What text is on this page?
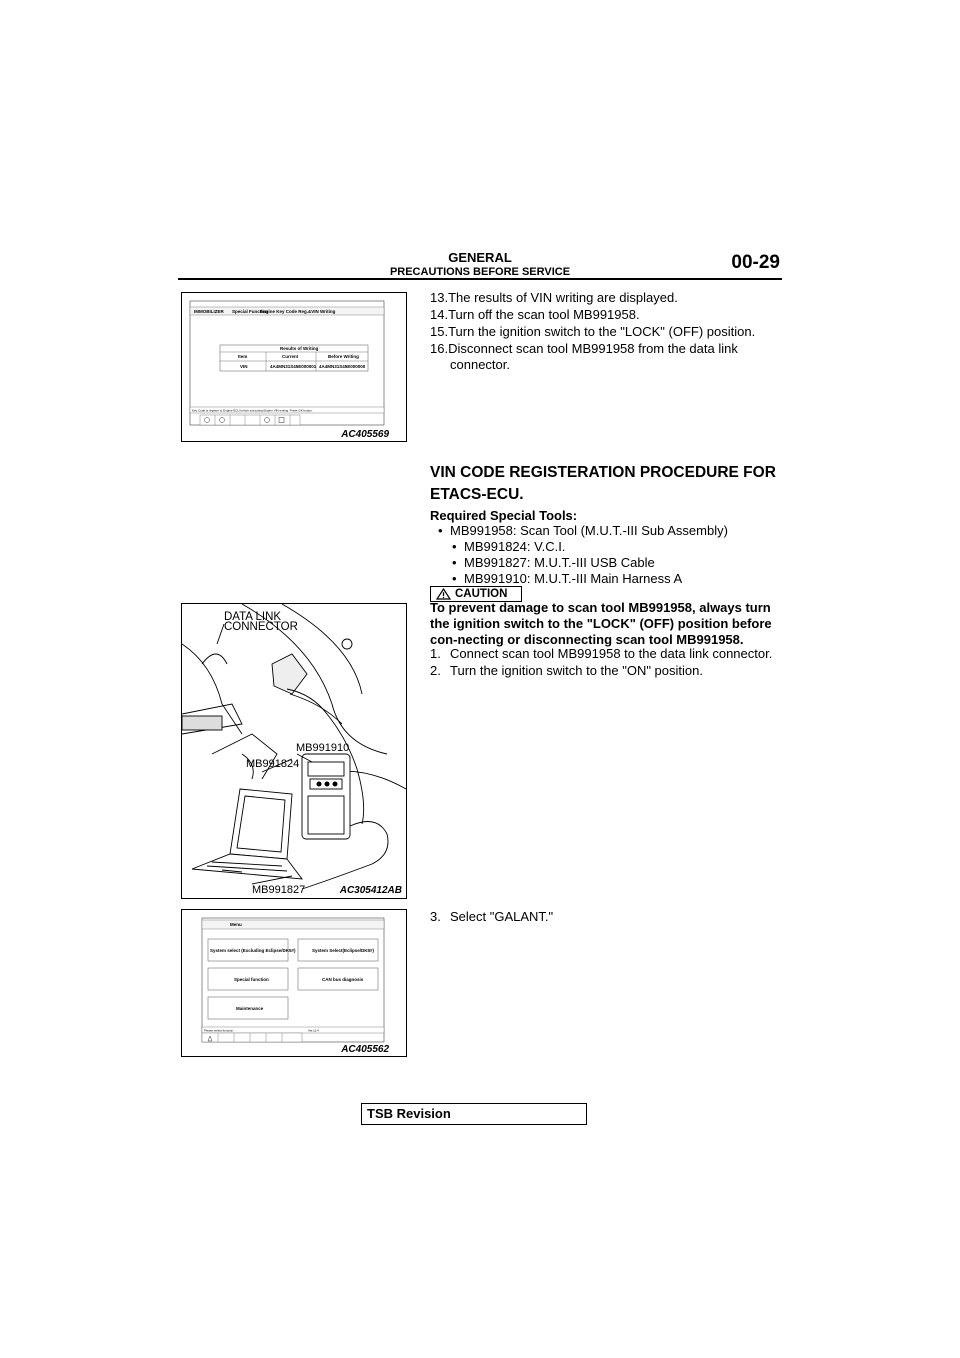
GENERAL
PRECAUTIONS BEFORE SERVICE	00-29
IMMOBILIZER Special Function
Engine Key Code Reg.&VIN Writing
Results of Writing
Item	Current	Before Writing
VIN	4A4MN31S45E000001 4A4MN31S45E000000
Key Code is register to Engine ECU before executing Engine VIN writing. Press OK button.
AC405569
13.The results of VIN writing are displayed.
14.Turn off the scan tool MB991958.
15.Turn the ignition switch to the "LOCK" (OFF) position.
16.Disconnect scan tool MB991958 from the data link
connector.
VIN CODE REGISTERATION PROCEDURE FOR ETACS-ECU.
Required Special Tools:
• MB991958: Scan Tool (M.U.T.-III Sub Assembly)
• MB991824: V.C.I.
• MB991827: M.U.T.-III USB Cable
• MB991910: M.U.T.-III Main Harness A
CAUTION
To prevent damage to scan tool MB991958, always turn the ignition switch to the "LOCK" (OFF) position before con-necting or disconnecting scan tool MB991958.
1. Connect scan tool MB991958 to the data link connector.
2. Turn the ignition switch to the "ON" position.
DATA LINK
CONNECTOR
MB991910
MB991824
MB991827	AC305412AB
3. Select "GALANT."
Menu
System select (Excluding Eclipse/DK5#)	System Select(Eclipse/DK5#)
Special function	CAN bus diagnosis
Maintenance
Please select function	Ver.11.4
AC405562
TSB Revision
